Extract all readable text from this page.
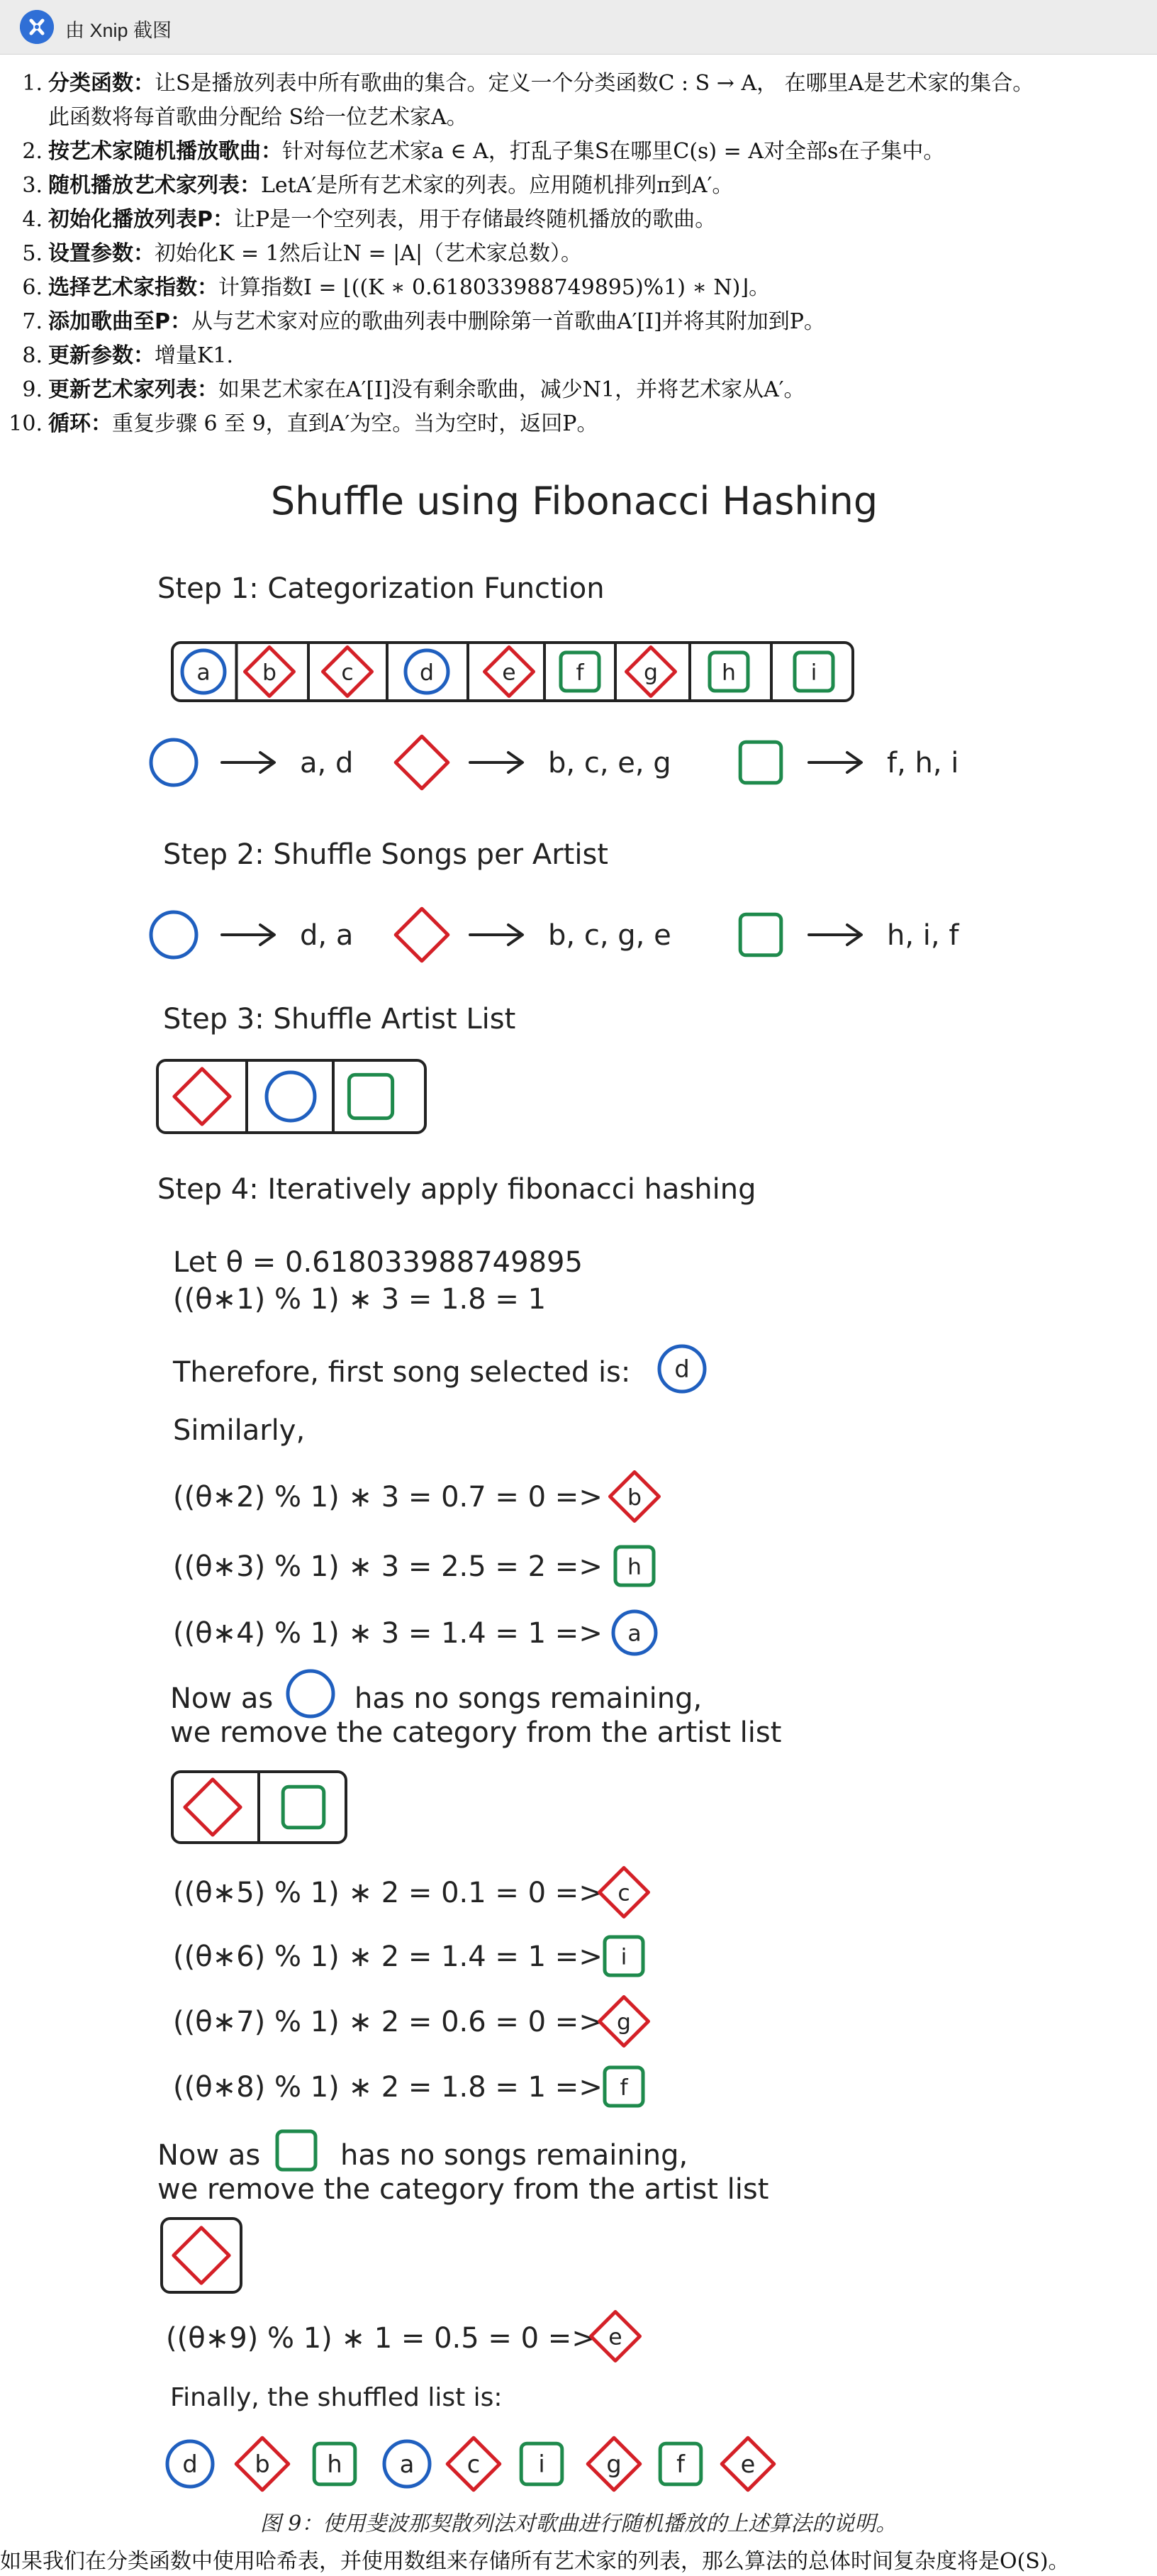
由 Xnip 截图
1. 分类函数：让S是播放列表中所有歌曲的集合。定义一个分类函数C : S → A， 在哪里A是艺术家的集合。
此函数将每首歌曲分配给 S给一位艺术家A。
2. 按艺术家随机播放歌曲：针对每位艺术家a ∈ A，打乱子集S在哪里C(s) = A对全部s在子集中。
3. 随机播放艺术家列表：LetA′是所有艺术家的列表。应用随机排列π到A′。
4. 初始化播放列表P：让P是一个空列表，用于存储最终随机播放的歌曲。
5. 设置参数：初始化K = 1然后让N = |A|（艺术家总数）。
6. 选择艺术家指数：计算指数I = ⌊((K ∗ 0.618033988749895)%1) ∗ N)⌋。
7. 添加歌曲至P：从与艺术家对应的歌曲列表中删除第一首歌曲A′[I]并将其附加到P。
8. 更新参数：增量K1.
9. 更新艺术家列表：如果艺术家在A′[I]没有剩余歌曲，减少N1，并将艺术家从A′。
10. 循环：重复步骤 6 至 9，直到A′为空。当为空时，返回P。
Shuffle using Fibonacci Hashing
Step 1: Categorization Function
a b	c	d	e	f	g	h	i
a, d	b, c, e, g	f, h, i
Step 2: Shuffle Songs per Artist
d, a	b, c, g, e	h, i, f
Step 3: Shuffle Artist List
Step 4: Iteratively apply fibonacci hashing
Let θ = 0.618033988749895
((θ∗1) % 1) ∗ 3 = 1.8 = 1
Therefore, first song selected is: d
Similarly,
((θ∗2) % 1) ∗ 3 = 0.7 = 0 => b
((θ∗3) % 1) ∗ 3 = 2.5 = 2 => h
((θ∗4) % 1) ∗ 3 = 1.4 = 1 => a
Now as	has no songs remaining,
we remove the category from the artist list
((θ∗5) % 1) ∗ 2 = 0.1 = 0 => c
((θ∗6) % 1) ∗ 2 = 1.4 = 1 => i
((θ∗7) % 1) ∗ 2 = 0.6 = 0 => g
((θ∗8) % 1) ∗ 2 = 1.8 = 1 => f
Now as	has no songs remaining,
we remove the category from the artist list
((θ∗9) % 1) ∗ 1 = 0.5 = 0 => e
Finally, the shuffled list is:
d b h a c i	g f e
图 9：使用斐波那契散列法对歌曲进行随机播放的上述算法的说明。
如果我们在分类函数中使用哈希表，并使用数组来存储所有艺术家的列表，那么算法的总体时间复杂度将是O(S)。
